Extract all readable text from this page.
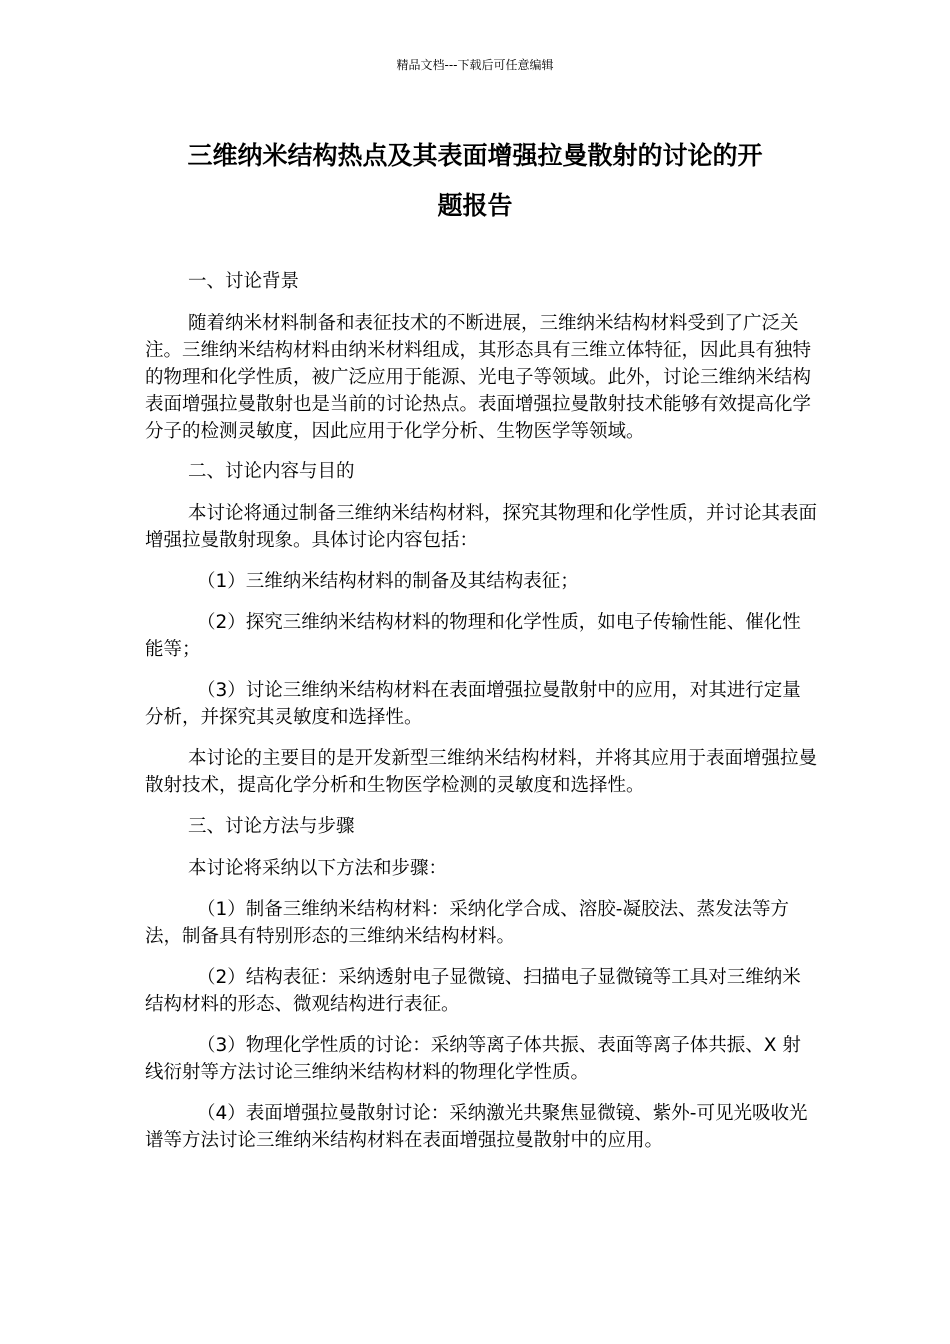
精品文档---下载后可任意编辑
三维纳米结构热点及其表面增强拉曼散射的讨论的开
题报告

一、讨论背景

随着纳米材料制备和表征技术的不断进展，三维纳米结构材料受到了广泛关注。三维纳米结构材料由纳米材料组成，其形态具有三维立体特征，因此具有独特的物理和化学性质，被广泛应用于能源、光电子等领域。此外，讨论三维纳米结构表面增强拉曼散射也是当前的讨论热点。表面增强拉曼散射技术能够有效提高化学分子的检测灵敏度，因此应用于化学分析、生物医学等领域。

二、讨论内容与目的

本讨论将通过制备三维纳米结构材料，探究其物理和化学性质，并讨论其表面增强拉曼散射现象。具体讨论内容包括：

（1）三维纳米结构材料的制备及其结构表征；

（2）探究三维纳米结构材料的物理和化学性质，如电子传输性能、催化性能等；

（3）讨论三维纳米结构材料在表面增强拉曼散射中的应用，对其进行定量分析，并探究其灵敏度和选择性。

本讨论的主要目的是开发新型三维纳米结构材料，并将其应用于表面增强拉曼散射技术，提高化学分析和生物医学检测的灵敏度和选择性。

三、讨论方法与步骤

本讨论将采纳以下方法和步骤：

（1）制备三维纳米结构材料：采纳化学合成、溶胶-凝胶法、蒸发法等方法，制备具有特别形态的三维纳米结构材料。

（2）结构表征：采纳透射电子显微镜、扫描电子显微镜等工具对三维纳米结构材料的形态、微观结构进行表征。

（3）物理化学性质的讨论：采纳等离子体共振、表面等离子体共振、X 射线衍射等方法讨论三维纳米结构材料的物理化学性质。

（4）表面增强拉曼散射讨论：采纳激光共聚焦显微镜、紫外-可见光吸收光谱等方法讨论三维纳米结构材料在表面增强拉曼散射中的应用。
